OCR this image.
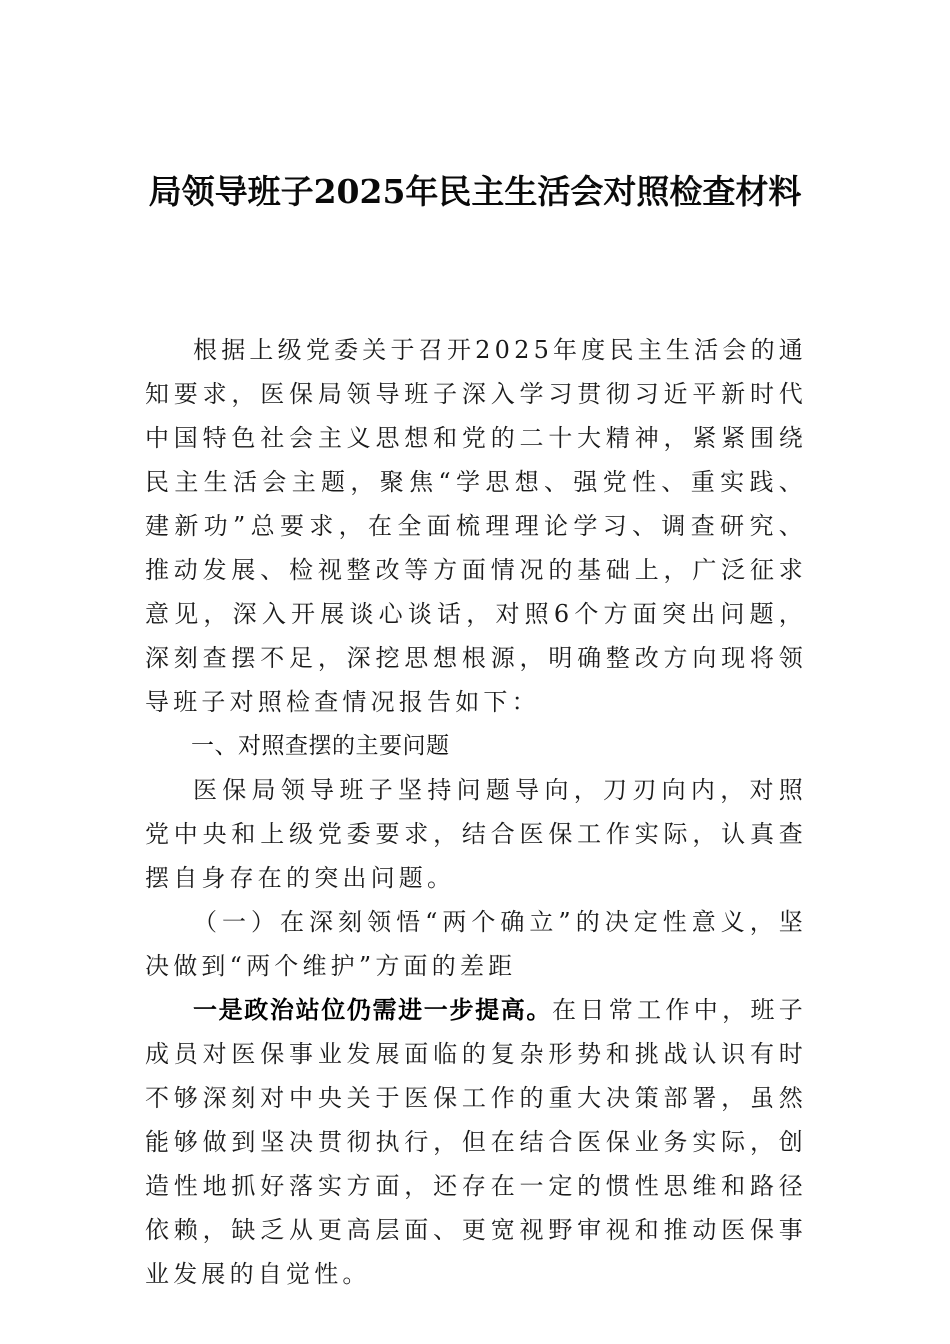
局领导班子2025年民主生活会对照检查材料

根据上级党委关于召开2025年度民主生活会的通知要求，医保局领导班子深入学习贯彻习近平新时代中国特色社会主义思想和党的二十大精神，紧紧围绕民主生活会主题，聚焦“学思想、强党性、重实践、建新功”总要求，在全面梳理理论学习、调查研究、推动发展、检视整改等方面情况的基础上，广泛征求意见，深入开展谈心谈话，对照6个方面突出问题，深刻查摆不足，深挖思想根源，明确整改方向现将领导班子对照检查情况报告如下：

一、对照查摆的主要问题

医保局领导班子坚持问题导向，刀刃向内，对照党中央和上级党委要求，结合医保工作实际，认真查摆自身存在的突出问题。

（一）在深刻领悟“两个确立”的决定性意义，坚决做到“两个维护”方面的差距

一是政治站位仍需进一步提高。在日常工作中，班子成员对医保事业发展面临的复杂形势和挑战认识有时不够深刻对中央关于医保工作的重大决策部署，虽然能够做到坚决贯彻执行，但在结合医保业务实际，创造性地抓好落实方面，还存在一定的惯性思维和路径依赖，缺乏从更高层面、更宽视野审视和推动医保事业发展的自觉性。
